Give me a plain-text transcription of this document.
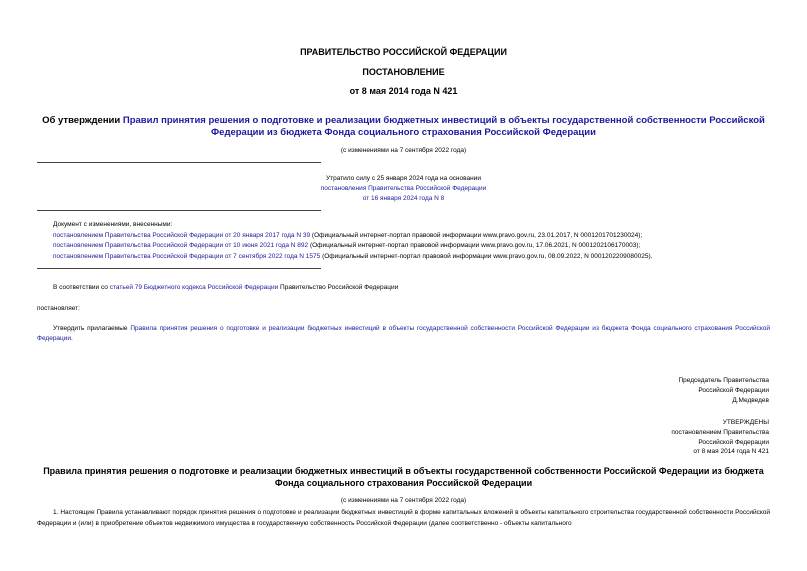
ПРАВИТЕЛЬСТВО РОССИЙСКОЙ ФЕДЕРАЦИИ
ПОСТАНОВЛЕНИЕ
от 8 мая 2014 года N 421
Об утверждении Правил принятия решения о подготовке и реализации бюджетных инвестиций в объекты государственной собственности Российской Федерации из бюджета Фонда социального страхования Российской Федерации
(с изменениями на 7 сентября 2022 года)
Утратило силу с 25 января 2024 года на основании
постановления Правительства Российской Федерации
от 16 января 2024 года N 8
Документ с изменениями, внесенными:
постановлением Правительства Российской Федерации от 20 января 2017 года N 39 (Официальный интернет-портал правовой информации www.pravo.gov.ru, 23.01.2017, N 0001201701230024);
постановлением Правительства Российской Федерации от 10 июня 2021 года N 892 (Официальный интернет-портал правовой информации www.pravo.gov.ru, 17.06.2021, N 0001202106170003);
постановлением Правительства Российской Федерации от 7 сентября 2022 года N 1575 (Официальный интернет-портал правовой информации www.pravo.gov.ru, 08.09.2022, N 0001202209080025).
В соответствии со статьей 79 Бюджетного кодекса Российской Федерации Правительство Российской Федерации
постановляет:
Утвердить прилагаемые Правила принятия решения о подготовке и реализации бюджетных инвестиций в объекты государственной собственности Российской Федерации из бюджета Фонда социального страхования Российской Федерации.
Председатель Правительства
Российской Федерации
Д.Медведев
УТВЕРЖДЕНЫ
постановлением Правительства
Российской Федерации
от 8 мая 2014 года N 421
Правила принятия решения о подготовке и реализации бюджетных инвестиций в объекты государственной собственности Российской Федерации из бюджета Фонда социального страхования Российской Федерации
(с изменениями на 7 сентября 2022 года)
1. Настоящие Правила устанавливают порядок принятия решения о подготовке и реализации бюджетных инвестиций в форме капитальных вложений в объекты капитального строительства государственной собственности Российской Федерации и (или) в приобретение объектов недвижимого имущества в государственную собственность Российской Федерации (далее соответственно - объекты капитального
